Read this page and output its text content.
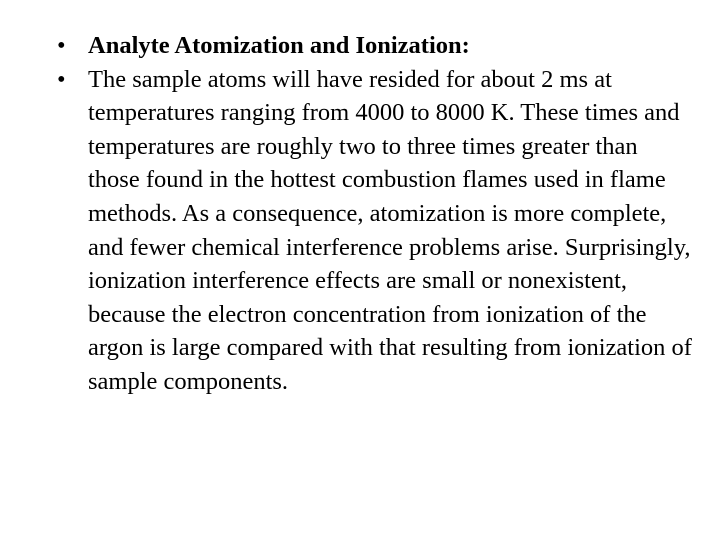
• Analyte Atomization and Ionization:
• The sample atoms will have resided for about 2 ms at temperatures ranging from 4000 to 8000 K. These times and temperatures are roughly two to three times greater than those found in the hottest combustion flames used in flame methods. As a consequence, atomization is more complete, and fewer chemical interference problems arise. Surprisingly, ionization interference effects are small or nonexistent, because the electron concentration from ionization of the argon is large compared with that resulting from ionization of sample components.
